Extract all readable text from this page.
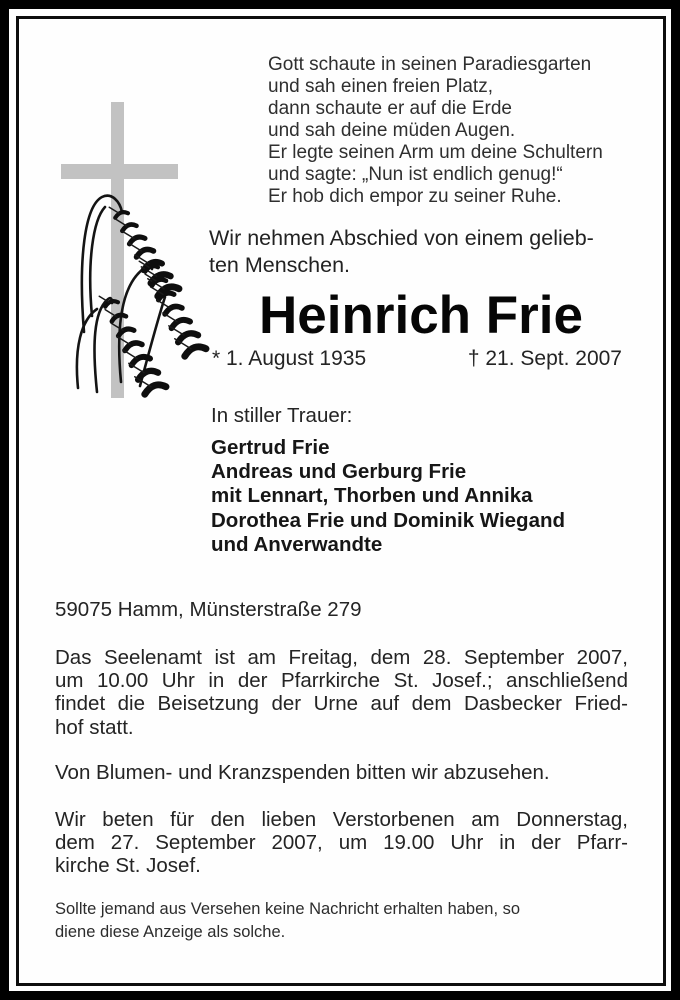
Gott schaute in seinen Paradiesgarten
und sah einen freien Platz,
dann schaute er auf die Erde
und sah deine müden Augen.
Er legte seinen Arm um deine Schultern
und sagte: „Nun ist endlich genug!“
Er hob dich empor zu seiner Ruhe.
Wir nehmen Abschied von einem gelieb-
ten Menschen.
Heinrich Frie
* 1. August 1935	† 21. Sept. 2007
In stiller Trauer:
Gertrud Frie
Andreas und Gerburg Frie
mit Lennart, Thorben und Annika
Dorothea Frie und Dominik Wiegand
und Anverwandte
59075 Hamm, Münsterstraße 279
Das Seelenamt ist am Freitag, dem 28. September 2007,
um 10.00 Uhr in der Pfarrkirche St. Josef.; anschließend
findet die Beisetzung der Urne auf dem Dasbecker Fried-
hof statt.
Von Blumen- und Kranzspenden bitten wir abzusehen.
Wir beten für den lieben Verstorbenen am Donnerstag,
dem 27. September 2007, um 19.00 Uhr in der Pfarr-
kirche St. Josef.
Sollte jemand aus Versehen keine Nachricht erhalten haben, so
diene diese Anzeige als solche.
